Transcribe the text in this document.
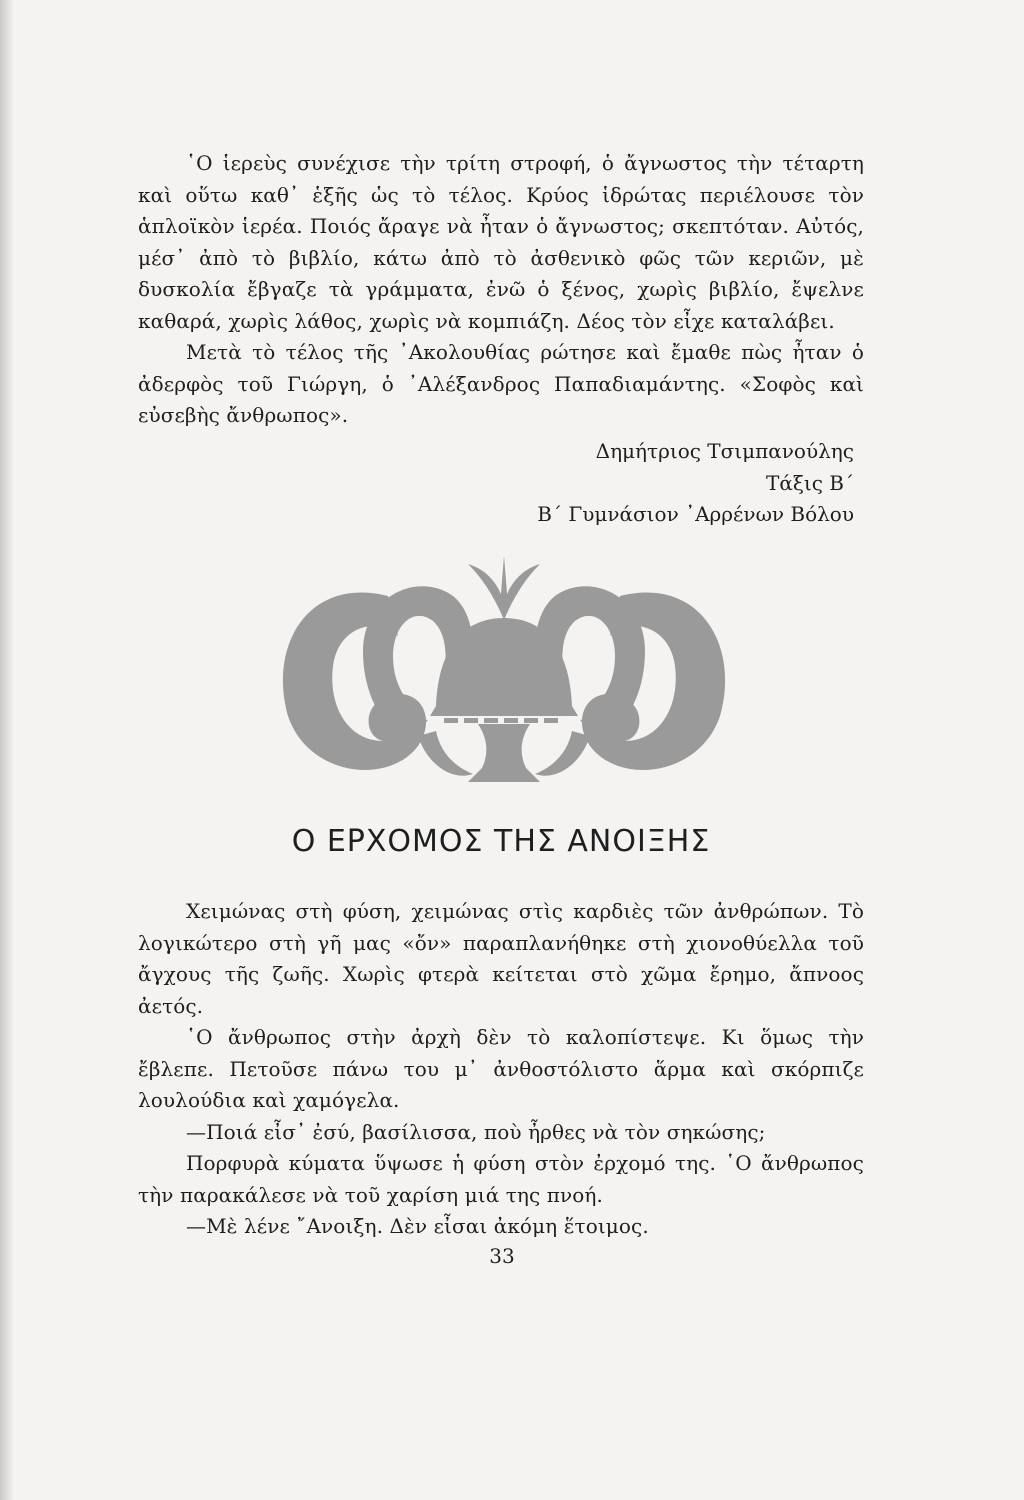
῾Ο ἱερεὺς συνέχισε τὴν τρίτη στροφή, ὁ ἄγνωστος τὴν τέταρτη καὶ οὕτω καθ᾿ ἑξῆς ὡς τὸ τέλος. Κρύος ἱδρώτας περιέλουσε τὸν ἁπλοϊκὸν ἱερέα. Ποιός ἄραγε νὰ ἦταν ὁ ἄγνωστος; σκεπτόταν. Αὐτός, μέσ᾿ ἀπὸ τὸ βιβλίο, κάτω ἀπὸ τὸ ἀσθενικὸ φῶς τῶν κεριῶν, μὲ δυσκολία ἔβγαζε τὰ γράμματα, ἐνῶ ὁ ξένος, χωρὶς βιβλίο, ἔψελνε καθαρά, χωρὶς λάθος, χωρὶς νὰ κομπιάζη. Δέος τὸν εἶχε καταλάβει.

Μετὰ τὸ τέλος τῆς ᾿Ακολουθίας ρώτησε καὶ ἔμαθε πὼς ἦταν ὁ ἀδερφὸς τοῦ Γιώργη, ὁ ᾿Αλέξανδρος Παπαδιαμάντης. «Σοφὸς καὶ εὐσεβὴς ἄνθρωπος».

Δημήτριος Τσιμπανούλης
Τάξις Β΄
Β΄ Γυμνάσιον ᾿Αρρένων Βόλου
Ο ΕΡΧΟΜΟΣ ΤΗΣ ΑΝΟΙΞΗΣ

Χειμώνας στὴ φύση, χειμώνας στὶς καρδιὲς τῶν ἀνθρώπων. Τὸ λογικώτερο στὴ γῆ μας «ὄν» παραπλανήθηκε στὴ χιονοθύελλα τοῦ ἄγχους τῆς ζωῆς. Χωρὶς φτερὰ κείτεται στὸ χῶμα ἔρημο, ἄπνοος ἀετός.

῾Ο ἄνθρωπος στὴν ἀρχὴ δὲν τὸ καλοπίστεψε. Κι ὅμως τὴν ἔβλεπε. Πετοῦσε πάνω του μ᾿ ἀνθοστόλιστο ἅρμα καὶ σκόρπιζε λουλούδια καὶ χαμόγελα.

—Ποιά εἶσ᾿ ἐσύ, βασίλισσα, ποὺ ἦρθες νὰ τὸν σηκώσης;

Πορφυρὰ κύματα ὕψωσε ἡ φύση στὸν ἐρχομό της. ῾Ο ἄνθρωπος τὴν παρακάλεσε νὰ τοῦ χαρίση μιά της πνοή.

—Μὲ λένε ῎Ανοιξη. Δὲν εἶσαι ἀκόμη ἕτοιμος.

33
